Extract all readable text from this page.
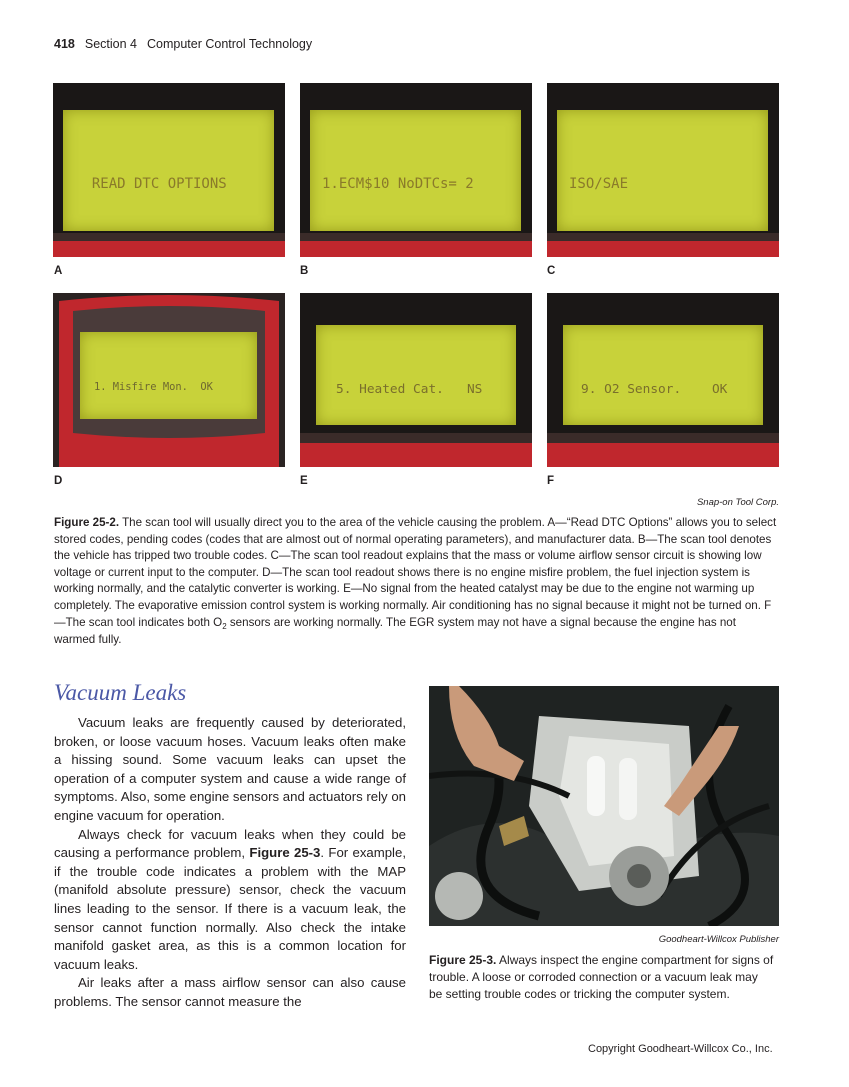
418 Section 4 Computer Control Technology

READ DTC OPTIONS

	1.ECM$10 NoDTCs= 2

	ISO/SAE

A	B	C

1. Misfire Mon.  OK

	5. Heated Cat.   NS

	9. O2 Sensor.    OK

D	E	F
Snap-on Tool Corp.
Figure 25-2. The scan tool will usually direct you to the area of the vehicle causing the problem. A—“Read DTC Options” allows you to select stored codes, pending codes (codes that are almost out of normal operating parameters), and manufacturer data. B—The scan tool denotes the vehicle has tripped two trouble codes. C—The scan tool readout explains that the mass or volume airflow sensor circuit is showing low voltage or current input to the computer. D—The scan tool readout shows there is no engine misfire problem, the fuel injection system is working normally, and the catalytic converter is working. E—No signal from the heated catalyst may be due to the engine not warming up completely. The evaporative emission control system is working normally. Air conditioning has no signal because it might not be turned on. F—The scan tool indicates both $O_2$ sensors are working normally. The EGR system may not have a signal because the engine has not warmed fully.
Vacuum Leaks

Vacuum leaks are frequently caused by deteriorated, broken, or loose vacuum hoses. Vacuum leaks often make a hissing sound. Some vacuum leaks can upset the operation of a computer system and cause a wide range of symptoms. Also, some engine sensors and actuators rely on engine vacuum for operation.

Always check for vacuum leaks when they could be causing a performance problem, Figure 25-3. For example, if the trouble code indicates a problem with the MAP (manifold absolute pressure) sensor, check the vacuum lines leading to the sensor. If there is a vacuum leak, the sensor cannot function normally. Also check the intake manifold gasket area, as this is a common location for vacuum leaks.

Air leaks after a mass airflow sensor can also cause problems. The sensor cannot measure the

Goodheart-Willcox Publisher
Figure 25-3. Always inspect the engine compartment for signs of trouble. A loose or corroded connection or a vacuum leak may be setting trouble codes or tricking the computer system.
Copyright Goodheart-Willcox Co., Inc.
